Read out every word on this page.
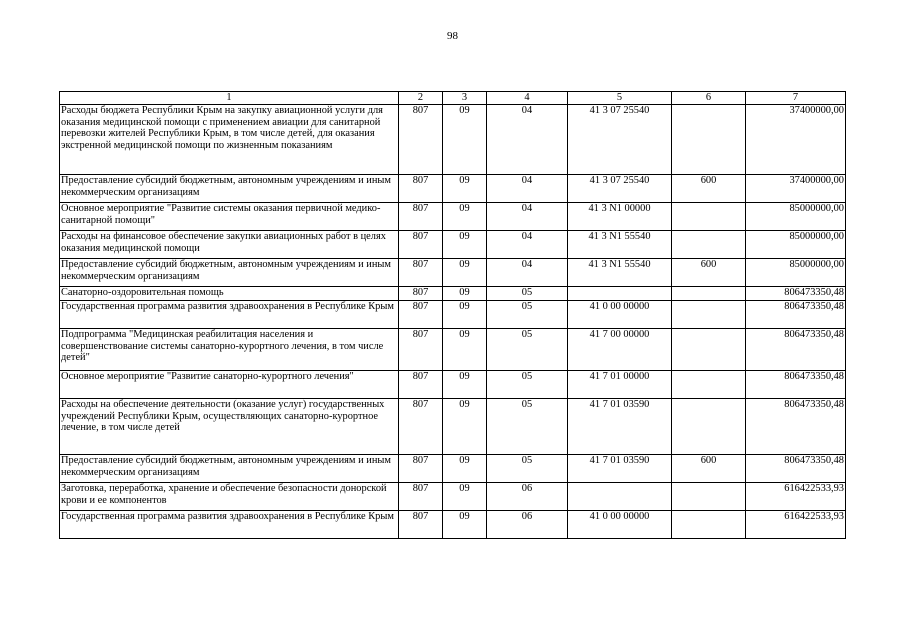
98
1	2	3	4	5	6	7
Расходы бюджета Республики Крым на закупку авиационной услуги для оказания медицинской помощи с применением авиации для санитарной перевозки жителей Республики Крым, в том числе детей, для оказания экстренной медицинской помощи по жизненным показаниям	807	09	04	41 3 07 25540		37400000,00
Предоставление субсидий бюджетным, автономным учреждениям и иным некоммерческим организациям	807	09	04	41 3 07 25540	600	37400000,00
Основное мероприятие "Развитие системы оказания первичной медико-санитарной помощи"	807	09	04	41 3 N1 00000		85000000,00
Расходы на финансовое обеспечение закупки авиационных работ в целях оказания медицинской помощи	807	09	04	41 3 N1 55540		85000000,00
Предоставление субсидий бюджетным, автономным учреждениям и иным некоммерческим организациям	807	09	04	41 3 N1 55540	600	85000000,00
Санаторно-оздоровительная помощь	807	09	05			806473350,48
Государственная программа развития здравоохранения в Республике Крым	807	09	05	41 0 00 00000		806473350,48
Подпрограмма "Медицинская реабилитация населения и совершенствование системы санаторно-курортного лечения, в том числе детей"	807	09	05	41 7 00 00000		806473350,48
Основное мероприятие "Развитие санаторно-курортного лечения"	807	09	05	41 7 01 00000		806473350,48
Расходы на обеспечение деятельности (оказание услуг) государственных учреждений Республики Крым, осуществляющих санаторно-курортное лечение, в том числе детей	807	09	05	41 7 01 03590		806473350,48
Предоставление субсидий бюджетным, автономным учреждениям и иным некоммерческим организациям	807	09	05	41 7 01 03590	600	806473350,48
Заготовка, переработка, хранение и обеспечение безопасности донорской крови и ее компонентов	807	09	06			616422533,93
Государственная программа развития здравоохранения в Республике Крым	807	09	06	41 0 00 00000		616422533,93
